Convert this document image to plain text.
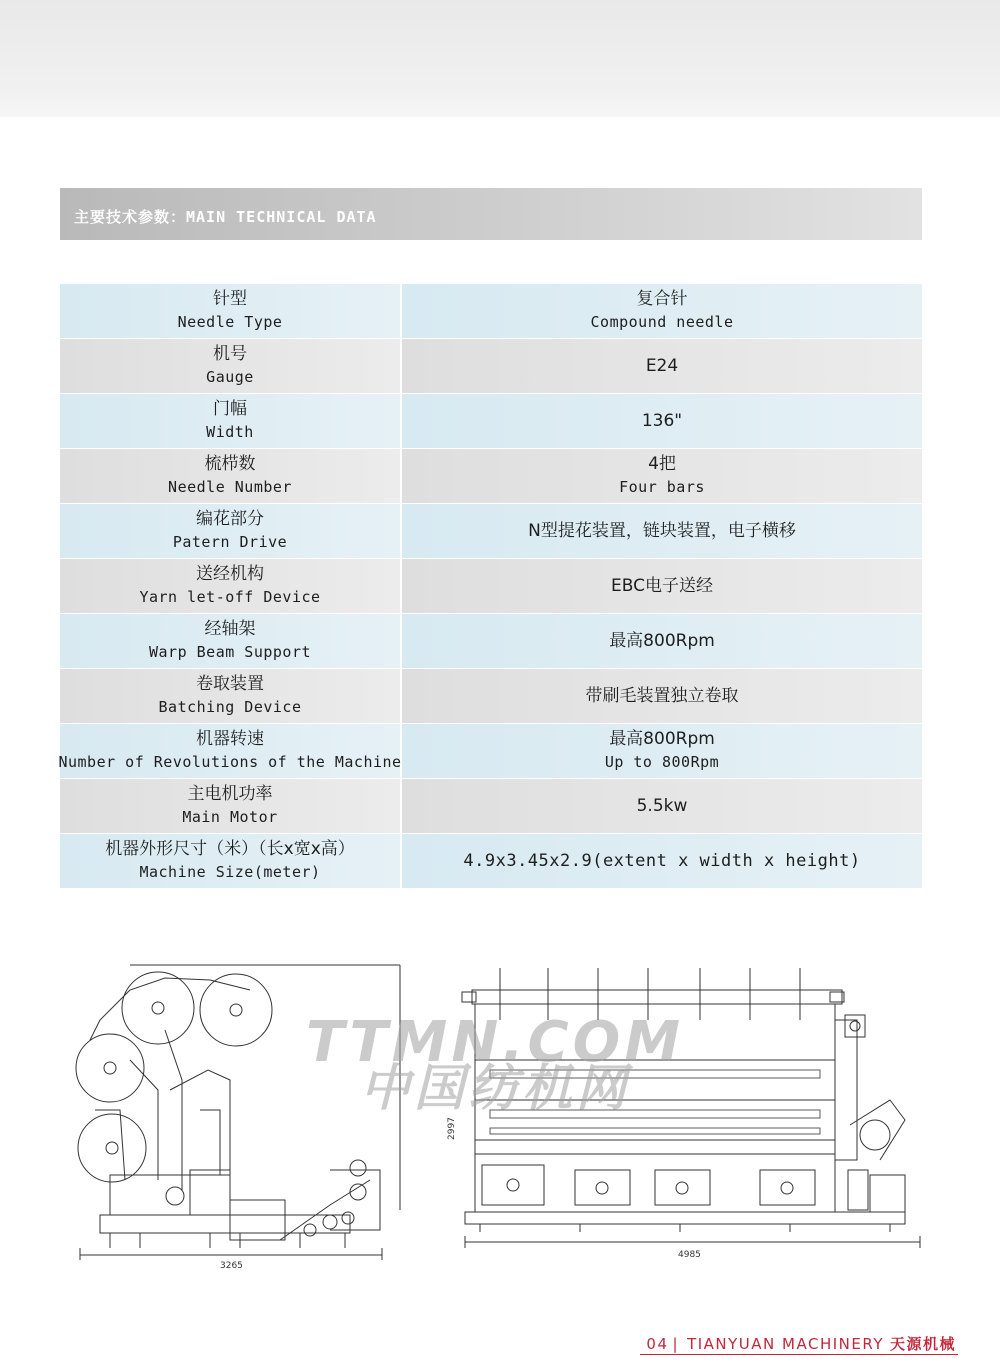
主要技术参数：MAIN TECHNICAL DATA
针型
Needle Type
复合针
Compound needle
机号
Gauge
E24
门幅
Width
136"
梳栉数
Needle Number
4把
Four bars
编花部分
Patern Drive
N型提花装置，链块装置，电子横移
送经机构
Yarn let-off Device
EBC电子送经
经轴架
Warp Beam Support
最高800Rpm
卷取装置
Batching Device
带刷毛装置独立卷取
机器转速
Number of Revolutions of the Machine
最高800Rpm
Up to 800Rpm
主电机功率
Main Motor
5.5kw
机器外形尺寸（米）（长x宽x高）
Machine Size(meter)
4.9x3.45x2.9(extent x width x height)
3265
4985
2997
TTMN.COM
中国纺机网
04 | TIANYUAN MACHINERY 天源机械
